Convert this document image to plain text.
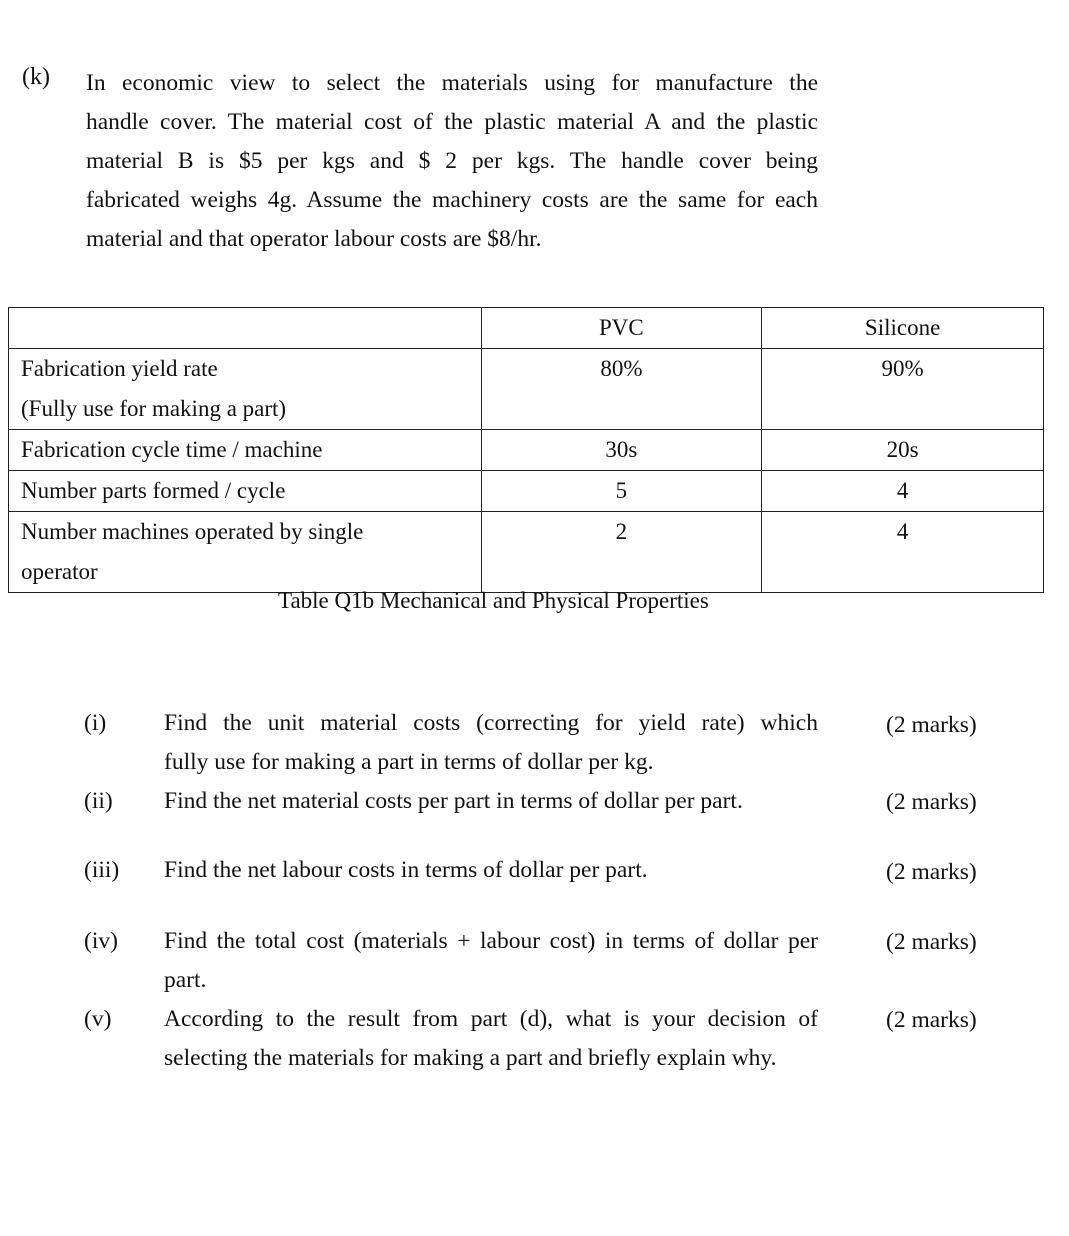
(k) In economic view to select the materials using for manufacture the
handle cover. The material cost of the plastic material A and the plastic
material B is $5 per kgs and $ 2 per kgs. The handle cover being
fabricated weighs 4g. Assume the machinery costs are the same for each
material and that operator labour costs are $8/hr.

	PVC	Silicone

Fabrication yield rate
(Fully use for making a part)	80%	90%

Fabrication cycle time / machine	30s	20s

Number parts formed / cycle	5	4

Number machines operated by single
operator	2	4
Table Q1b Mechanical and Physical Properties
(i) Find the unit material costs (correcting for yield rate) which
fully use for making a part in terms of dollar per kg.
(2 marks)
(ii) Find the net material costs per part in terms of dollar per part.	(2 marks)
(iii) Find the net labour costs in terms of dollar per part.	(2 marks)
(iv) Find the total cost (materials + labour cost) in terms of dollar per
part.
(2 marks)
(v) According to the result from part (d), what is your decision of
selecting the materials for making a part and briefly explain why.
(2 marks)
